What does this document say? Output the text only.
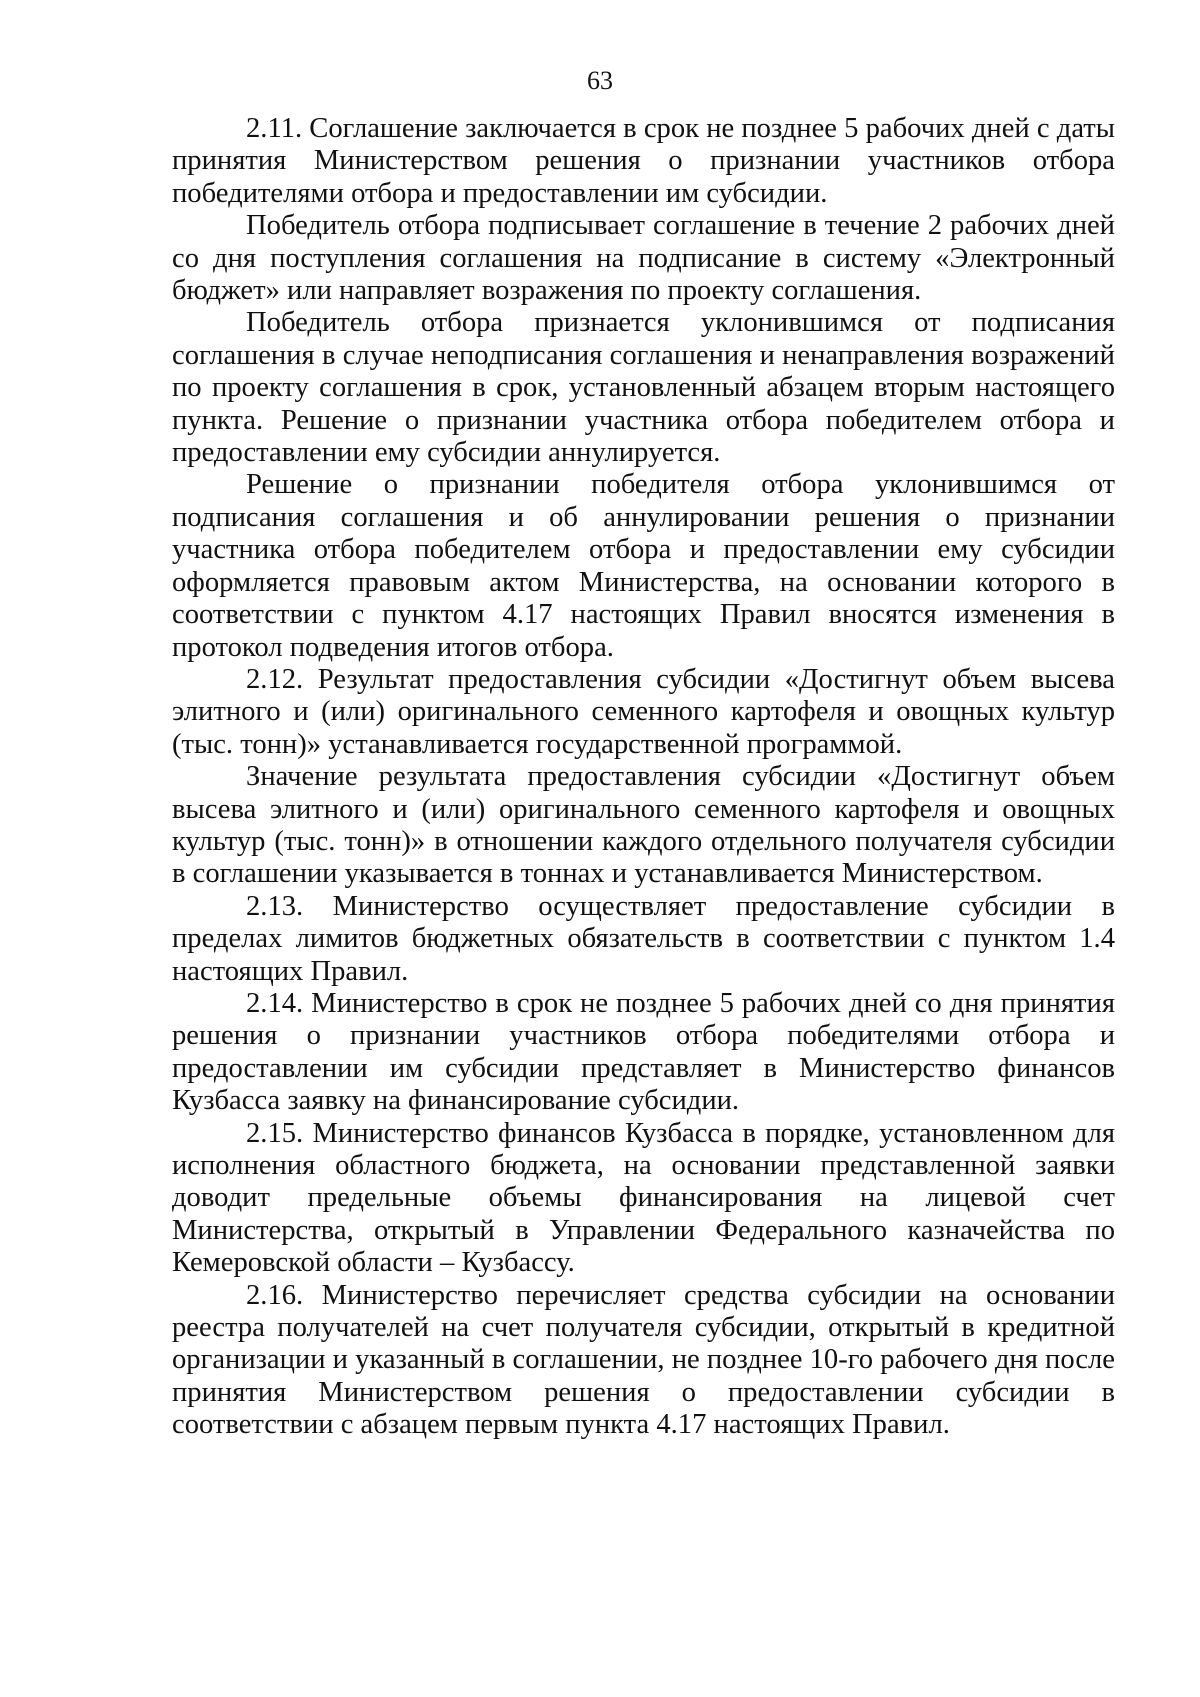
63

2.11. Соглашение заключается в срок не позднее 5 рабочих дней с даты принятия Министерством решения о признании участников отбора победителями отбора и предоставлении им субсидии.

Победитель отбора подписывает соглашение в течение 2 рабочих дней со дня поступления соглашения на подписание в систему «Электронный бюджет» или направляет возражения по проекту соглашения.

Победитель отбора признается уклонившимся от подписания соглашения в случае неподписания соглашения и ненаправления возражений по проекту соглашения в срок, установленный абзацем вторым настоящего пункта. Решение о признании участника отбора победителем отбора и предоставлении ему субсидии аннулируется.

Решение о признании победителя отбора уклонившимся от подписания соглашения и об аннулировании решения о признании участника отбора победителем отбора и предоставлении ему субсидии оформляется правовым актом Министерства, на основании которого в соответствии с пунктом 4.17 настоящих Правил вносятся изменения в протокол подведения итогов отбора.

2.12. Результат предоставления субсидии «Достигнут объем высева элитного и (или) оригинального семенного картофеля и овощных культур (тыс. тонн)» устанавливается государственной программой.

Значение результата предоставления субсидии «Достигнут объем высева элитного и (или) оригинального семенного картофеля и овощных культур (тыс. тонн)» в отношении каждого отдельного получателя субсидии в соглашении указывается в тоннах и устанавливается Министерством.

2.13. Министерство осуществляет предоставление субсидии в пределах лимитов бюджетных обязательств в соответствии с пунктом 1.4 настоящих Правил.

2.14. Министерство в срок не позднее 5 рабочих дней со дня принятия решения о признании участников отбора победителями отбора и предоставлении им субсидии представляет в Министерство финансов Кузбасса заявку на финансирование субсидии.

2.15. Министерство финансов Кузбасса в порядке, установленном для исполнения областного бюджета, на основании представленной заявки доводит предельные объемы финансирования на лицевой счет Министерства, открытый в Управлении Федерального казначейства по Кемеровской области – Кузбассу.

2.16. Министерство перечисляет средства субсидии на основании реестра получателей на счет получателя субсидии, открытый в кредитной организации и указанный в соглашении, не позднее 10-го рабочего дня после принятия Министерством решения о предоставлении субсидии в соответствии с абзацем первым пункта 4.17 настоящих Правил.
